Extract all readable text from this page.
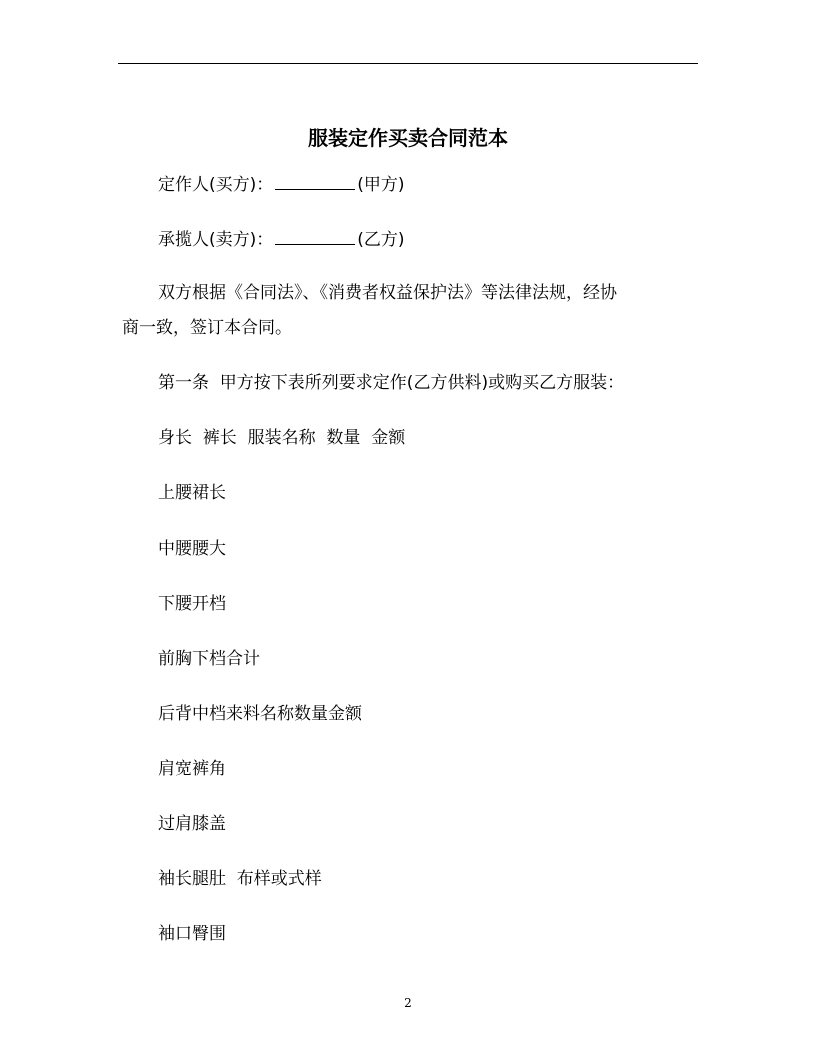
服装定作买卖合同范本
定作人(买方)：	(甲方)
承揽人(卖方)：	(乙方)
双方根据《合同法》、《消费者权益保护法》等法律法规，经协
商一致，签订本合同。
第一条  甲方按下表所列要求定作(乙方供料)或购买乙方服装：
身长  裤长  服装名称  数量  金额
上腰裙长
中腰腰大
下腰开档
前胸下档合计
后背中档来料名称数量金额
肩宽裤角
过肩膝盖
袖长腿肚  布样或式样
袖口臀围
2
